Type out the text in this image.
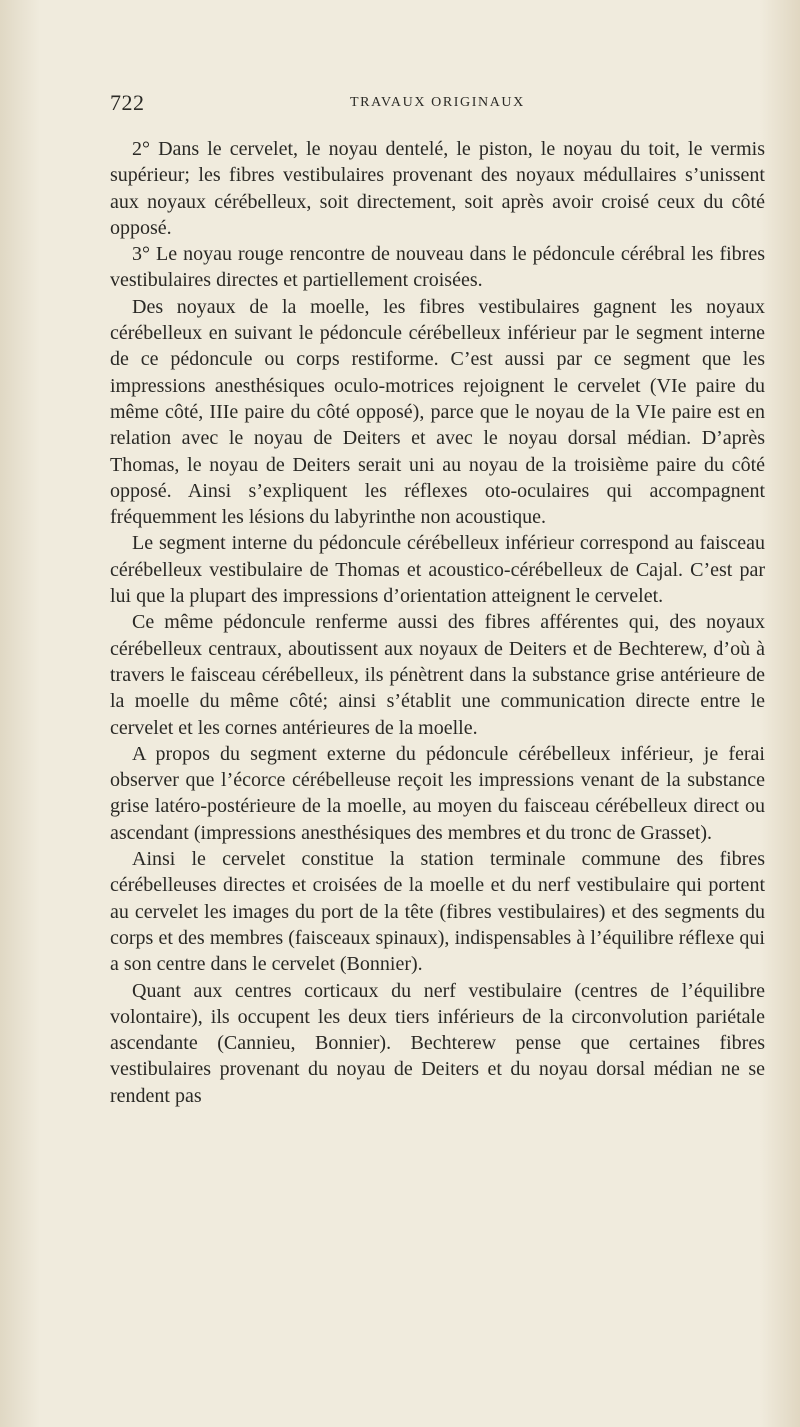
722	TRAVAUX ORIGINAUX

2° Dans le cervelet, le noyau dentelé, le piston, le noyau du toit, le vermis supérieur; les fibres vestibulaires provenant des noyaux médullaires s’unissent aux noyaux cérébelleux, soit directement, soit après avoir croisé ceux du côté opposé.

3° Le noyau rouge rencontre de nouveau dans le pédoncule cérébral les fibres vestibulaires directes et partiellement croisées.

Des noyaux de la moelle, les fibres vestibulaires gagnent les noyaux cérébelleux en suivant le pédoncule cérébelleux inférieur par le segment interne de ce pédoncule ou corps restiforme. C’est aussi par ce segment que les impressions anesthésiques oculo-motrices rejoignent le cervelet (VIe paire du même côté, IIIe paire du côté opposé), parce que le noyau de la VIe paire est en relation avec le noyau de Deiters et avec le noyau dorsal médian. D’après Thomas, le noyau de Deiters serait uni au noyau de la troisième paire du côté opposé. Ainsi s’expliquent les réflexes oto-oculaires qui accompagnent fréquemment les lésions du labyrinthe non acoustique.

Le segment interne du pédoncule cérébelleux inférieur correspond au faisceau cérébelleux vestibulaire de Thomas et acoustico-cérébelleux de Cajal. C’est par lui que la plupart des impressions d’orientation atteignent le cervelet.

Ce même pédoncule renferme aussi des fibres afférentes qui, des noyaux cérébelleux centraux, aboutissent aux noyaux de Deiters et de Bechterew, d’où à travers le faisceau cérébelleux, ils pénètrent dans la substance grise antérieure de la moelle du même côté; ainsi s’établit une communication directe entre le cervelet et les cornes antérieures de la moelle.

A propos du segment externe du pédoncule cérébelleux inférieur, je ferai observer que l’écorce cérébelleuse reçoit les impressions venant de la substance grise latéro-postérieure de la moelle, au moyen du faisceau cérébelleux direct ou ascendant (impressions anesthésiques des membres et du tronc de Grasset).

Ainsi le cervelet constitue la station terminale commune des fibres cérébelleuses directes et croisées de la moelle et du nerf vestibulaire qui portent au cervelet les images du port de la tête (fibres vestibulaires) et des segments du corps et des membres (faisceaux spinaux), indispensables à l’équilibre réflexe qui a son centre dans le cervelet (Bonnier).

Quant aux centres corticaux du nerf vestibulaire (centres de l’équilibre volontaire), ils occupent les deux tiers inférieurs de la circonvolution pariétale ascendante (Cannieu, Bonnier). Bechterew pense que certaines fibres vestibulaires provenant du noyau de Deiters et du noyau dorsal médian ne se rendent pas
